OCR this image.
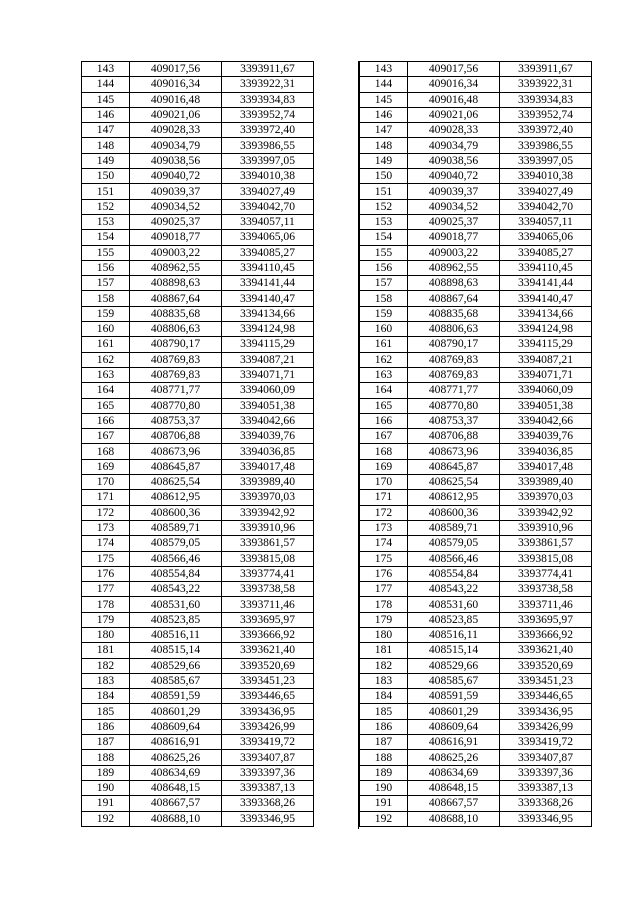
143	409017,56	3393911,67
144	409016,34	3393922,31
145	409016,48	3393934,83
146	409021,06	3393952,74
147	409028,33	3393972,40
148	409034,79	3393986,55
149	409038,56	3393997,05
150	409040,72	3394010,38
151	409039,37	3394027,49
152	409034,52	3394042,70
153	409025,37	3394057,11
154	409018,77	3394065,06
155	409003,22	3394085,27
156	408962,55	3394110,45
157	408898,63	3394141,44
158	408867,64	3394140,47
159	408835,68	3394134,66
160	408806,63	3394124,98
161	408790,17	3394115,29
162	408769,83	3394087,21
163	408769,83	3394071,71
164	408771,77	3394060,09
165	408770,80	3394051,38
166	408753,37	3394042,66
167	408706,88	3394039,76
168	408673,96	3394036,85
169	408645,87	3394017,48
170	408625,54	3393989,40
171	408612,95	3393970,03
172	408600,36	3393942,92
173	408589,71	3393910,96
174	408579,05	3393861,57
175	408566,46	3393815,08
176	408554,84	3393774,41
177	408543,22	3393738,58
178	408531,60	3393711,46
179	408523,85	3393695,97
180	408516,11	3393666,92
181	408515,14	3393621,40
182	408529,66	3393520,69
183	408585,67	3393451,23
184	408591,59	3393446,65
185	408601,29	3393436,95
186	408609,64	3393426,99
187	408616,91	3393419,72
188	408625,26	3393407,87
189	408634,69	3393397,36
190	408648,15	3393387,13
191	408667,57	3393368,26
192	408688,10	3393346,95
143	409017,56	3393911,67
144	409016,34	3393922,31
145	409016,48	3393934,83
146	409021,06	3393952,74
147	409028,33	3393972,40
148	409034,79	3393986,55
149	409038,56	3393997,05
150	409040,72	3394010,38
151	409039,37	3394027,49
152	409034,52	3394042,70
153	409025,37	3394057,11
154	409018,77	3394065,06
155	409003,22	3394085,27
156	408962,55	3394110,45
157	408898,63	3394141,44
158	408867,64	3394140,47
159	408835,68	3394134,66
160	408806,63	3394124,98
161	408790,17	3394115,29
162	408769,83	3394087,21
163	408769,83	3394071,71
164	408771,77	3394060,09
165	408770,80	3394051,38
166	408753,37	3394042,66
167	408706,88	3394039,76
168	408673,96	3394036,85
169	408645,87	3394017,48
170	408625,54	3393989,40
171	408612,95	3393970,03
172	408600,36	3393942,92
173	408589,71	3393910,96
174	408579,05	3393861,57
175	408566,46	3393815,08
176	408554,84	3393774,41
177	408543,22	3393738,58
178	408531,60	3393711,46
179	408523,85	3393695,97
180	408516,11	3393666,92
181	408515,14	3393621,40
182	408529,66	3393520,69
183	408585,67	3393451,23
184	408591,59	3393446,65
185	408601,29	3393436,95
186	408609,64	3393426,99
187	408616,91	3393419,72
188	408625,26	3393407,87
189	408634,69	3393397,36
190	408648,15	3393387,13
191	408667,57	3393368,26
192	408688,10	3393346,95
